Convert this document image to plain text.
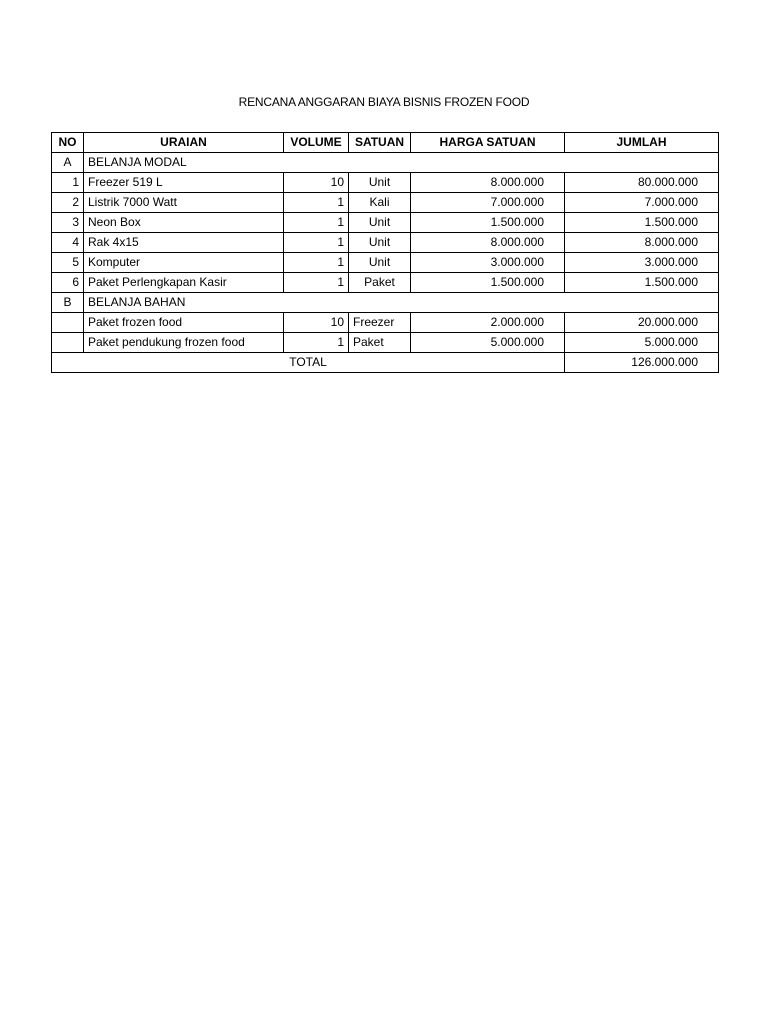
RENCANA ANGGARAN BIAYA BISNIS FROZEN FOOD
NO	URAIAN	VOLUME	SATUAN	HARGA SATUAN	JUMLAH
A	BELANJA MODAL				
1	Freezer 519 L	10	Unit	8.000.000	80.000.000
2	Listrik 7000 Watt	1	Kali	7.000.000	7.000.000
3	Neon Box	1	Unit	1.500.000	1.500.000
4	Rak 4x15	1	Unit	8.000.000	8.000.000
5	Komputer	1	Unit	3.000.000	3.000.000
6	Paket Perlengkapan Kasir	1	Paket	1.500.000	1.500.000
B	BELANJA BAHAN				
	Paket frozen food	10	Freezer	2.000.000	20.000.000
	Paket pendukung frozen food	1	Paket	5.000.000	5.000.000
TOTAL					126.000.000
